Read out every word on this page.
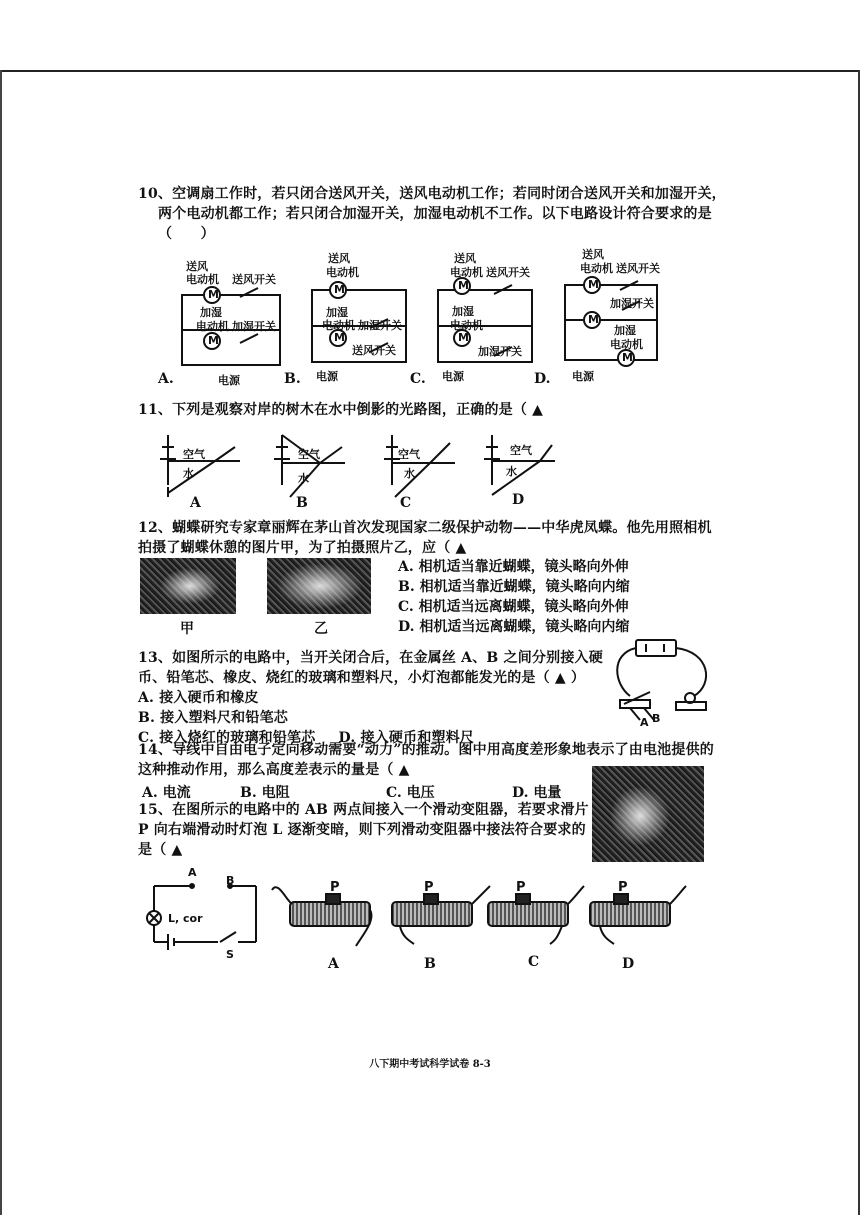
10、空调扇工作时，若只闭合送风开关，送风电动机工作；若同时闭合送风开关和加湿开关，

两个电动机都工作；若只闭合加湿开关，加湿电动机不工作。以下电路设计符合要求的是
（　　）
M
M
M
M
M
M
M
M
M
送风
电动机 送风开关
加湿
电动机 加湿开关
电源
A.
送风
电动机
加湿
电动机 加湿开关
送风开关
电源
B.
送风
电动机 送风开关
加湿
电动机
加湿开关
电源
C.
送风
电动机 送风开关
加湿开关
加湿
电动机
电源
D.
11、下列是观察对岸的树木在水中倒影的光路图，正确的是（ ▲
空气
水
空气
水
空气
水
空气
水
A	B	C	D
12、蝴蝶研究专家章丽辉在茅山首次发现国家二级保护动物——中华虎凤蝶。他先用照相机
拍摄了蝴蝶休憩的图片甲，为了拍摄照片乙，应（ ▲
甲	乙
A. 相机适当靠近蝴蝶，镜头略向外伸
B. 相机适当靠近蝴蝶，镜头略向内缩
C. 相机适当远离蝴蝶，镜头略向外伸
D. 相机适当远离蝴蝶，镜头略向内缩
13、如图所示的电路中，当开关闭合后，在金属丝 A、B 之间分别接入硬
币、铅笔芯、橡皮、烧红的玻璃和塑料尺，小灯泡都能发光的是（ ▲ ）
A. 接入硬币和橡皮
B. 接入塑料尺和铅笔芯
C. 接入烧红的玻璃和铅笔芯 D. 接入硬币和塑料尺
A B
14、导线中自由电子定向移动需要“动力”的推动。图中用高度差形象地表示了由电池提供的
这种推动作用，那么高度差表示的量是（ ▲
A. 电流	B. 电阻	C. 电压	D. 电量
15、在图所示的电路中的 AB 两点间接入一个滑动变阻器，若要求滑片
P 向右端滑动时灯泡 L 逐渐变暗，则下列滑动变阻器中接法符合要求的
是（ ▲
A
B
L, cor
S
P	P	P	P
A	B	C	D
八下期中考试科学试卷 8-3
